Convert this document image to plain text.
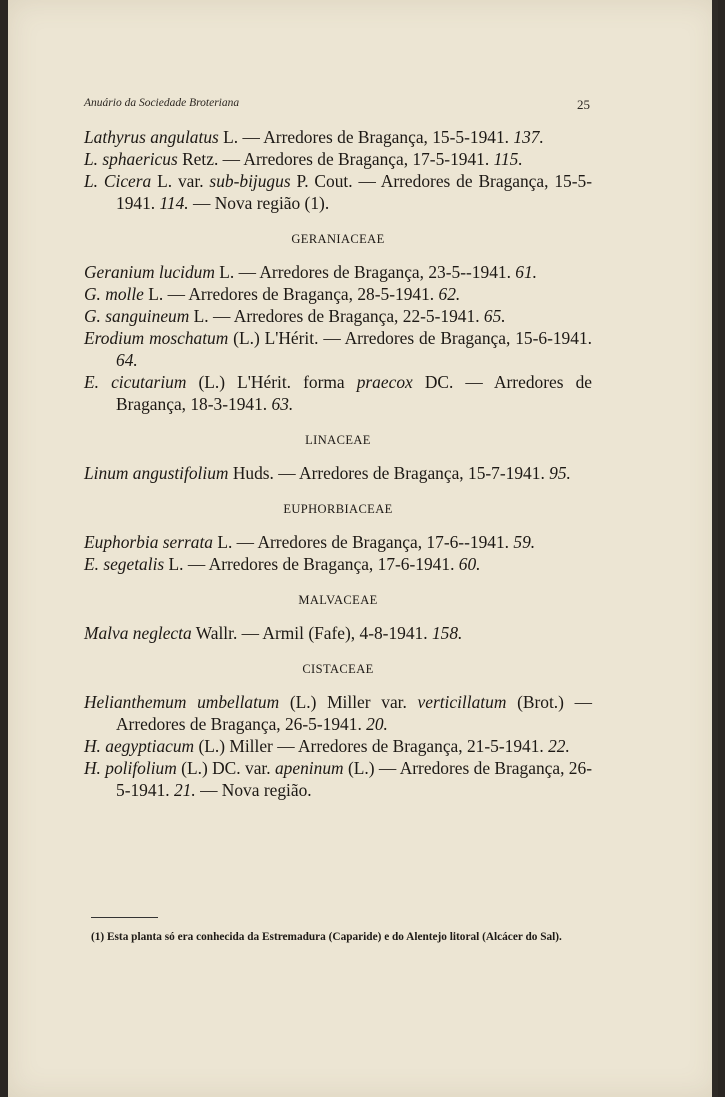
Anuário da Sociedade Broteriana	25

Lathyrus angulatus L. — Arredores de Bragança, 15-5-1941. 137.

L. sphaericus Retz. — Arredores de Bragança, 17-5-1941. 115.

L. Cicera L. var. sub-bijugus P. Cout. — Arredores de Bragança, 15-5-1941. 114. — Nova região (1).

GERANIACEAE

Geranium lucidum L. — Arredores de Bragança, 23-5--1941. 61.

G. molle L. — Arredores de Bragança, 28-5-1941. 62.

G. sanguineum L. — Arredores de Bragança, 22-5-1941. 65.

Erodium moschatum (L.) L'Hérit. — Arredores de Bragança, 15-6-1941. 64.

E. cicutarium (L.) L'Hérit. forma praecox DC. — Arredores de Bragança, 18-3-1941. 63.

LINACEAE

Linum angustifolium Huds. — Arredores de Bragança, 15-7-1941. 95.

EUPHORBIACEAE

Euphorbia serrata L. — Arredores de Bragança, 17-6--1941. 59.

E. segetalis L. — Arredores de Bragança, 17-6-1941. 60.

MALVACEAE

Malva neglecta Wallr. — Armil (Fafe), 4-8-1941. 158.

CISTACEAE

Helianthemum umbellatum (L.) Miller var. verticillatum (Brot.) — Arredores de Bragança, 26-5-1941. 20.

H. aegyptiacum (L.) Miller — Arredores de Bragança, 21-5-1941. 22.

H. polifolium (L.) DC. var. apeninum (L.) — Arredores de Bragança, 26-5-1941. 21. — Nova região.

(1) Esta planta só era conhecida da Estremadura (Caparide) e do Alentejo litoral (Alcácer do Sal).
